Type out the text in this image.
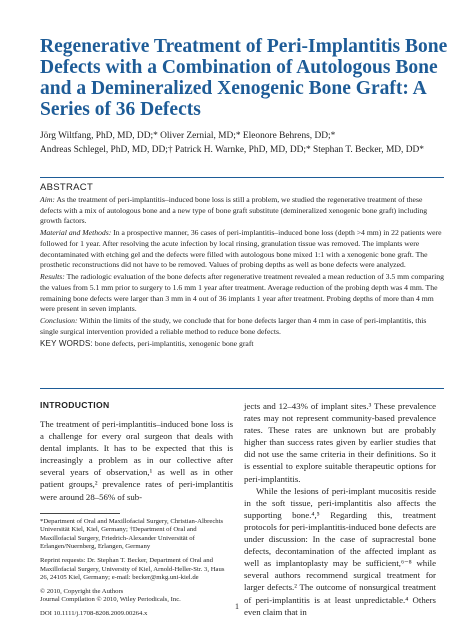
Regenerative Treatment of Peri-Implantitis Bone Defects with a Combination of Autologous Bone and a Demineralized Xenogenic Bone Graft: A Series of 36 Defects
Jörg Wiltfang, PhD, MD, DD;* Oliver Zernial, MD;* Eleonore Behrens, DD;*
Andreas Schlegel, PhD, MD, DD;† Patrick H. Warnke, PhD, MD, DD;* Stephan T. Becker, MD, DD*
ABSTRACT

Aim: As the treatment of peri-implantitis–induced bone loss is still a problem, we studied the regenerative treatment of these defects with a mix of autologous bone and a new type of bone graft substitute (demineralized xenogenic bone graft) including growth factors.

Material and Methods: In a prospective manner, 36 cases of peri-implantitis–induced bone loss (depth >4 mm) in 22 patients were followed for 1 year. After resolving the acute infection by local rinsing, granulation tissue was removed. The implants were decontaminated with etching gel and the defects were filled with autologous bone mixed 1:1 with a xenogenic bone graft. The prosthetic reconstructions did not have to be removed. Values of probing depths as well as bone defects were analyzed.

Results: The radiologic evaluation of the bone defects after regenerative treatment revealed a mean reduction of 3.5 mm comparing the values from 5.1 mm prior to surgery to 1.6 mm 1 year after treatment. Average reduction of the probing depth was 4 mm. The remaining bone defects were larger than 3 mm in 4 out of 36 implants 1 year after treatment. Probing depths of more than 4 mm were present in seven implants.

Conclusion: Within the limits of the study, we conclude that for bone defects larger than 4 mm in case of peri-implantitis, this single surgical intervention provided a reliable method to reduce bone defects.

KEY WORDS: bone defects, peri-implantitis, xenogenic bone graft

INTRODUCTION

The treatment of peri-implantitis–induced bone loss is a challenge for every oral surgeon that deals with dental implants. It has to be expected that this is increasingly a problem as in our collective after several years of observation,¹ as well as in other patient groups,² prevalence rates of peri-implantitis were around 28–56% of sub-

*Department of Oral and Maxillofacial Surgery, Christian-Albrechts Universität Kiel, Kiel, Germany; †Department of Oral and Maxillofacial Surgery, Friedrich-Alexander Universität of Erlangen/Nuernberg, Erlangen, Germany

Reprint requests: Dr. Stephan T. Becker, Department of Oral and Maxillofacial Surgery, University of Kiel, Arnold-Heller-Str. 3, Haus 26, 24105 Kiel, Germany; e-mail: becker@mkg.uni-kiel.de

© 2010, Copyright the Authors
Journal Compilation © 2010, Wiley Periodicals, Inc.

DOI 10.1111/j.1708-8208.2009.00264.x

jects and 12–43% of implant sites.³ These prevalence rates may not represent community-based prevalence rates. These rates are unknown but are probably higher than success rates given by earlier studies that did not use the same criteria in their definitions. So it is essential to explore suitable therapeutic options for peri-implantitis.

While the lesions of peri-implant mucositis reside in the soft tissue, peri-implantitis also affects the supporting bone.⁴,⁵ Regarding this, treatment protocols for peri-implantitis-induced bone defects are under discussion: In the case of supracrestal bone defects, decontamination of the affected implant as well as implantoplasty may be sufficient,⁶⁻⁸ while several authors recommend surgical treatment for larger defects.² The outcome of nonsurgical treatment of peri-implantitis is at least unpredictable.⁴ Others even claim that in

1
